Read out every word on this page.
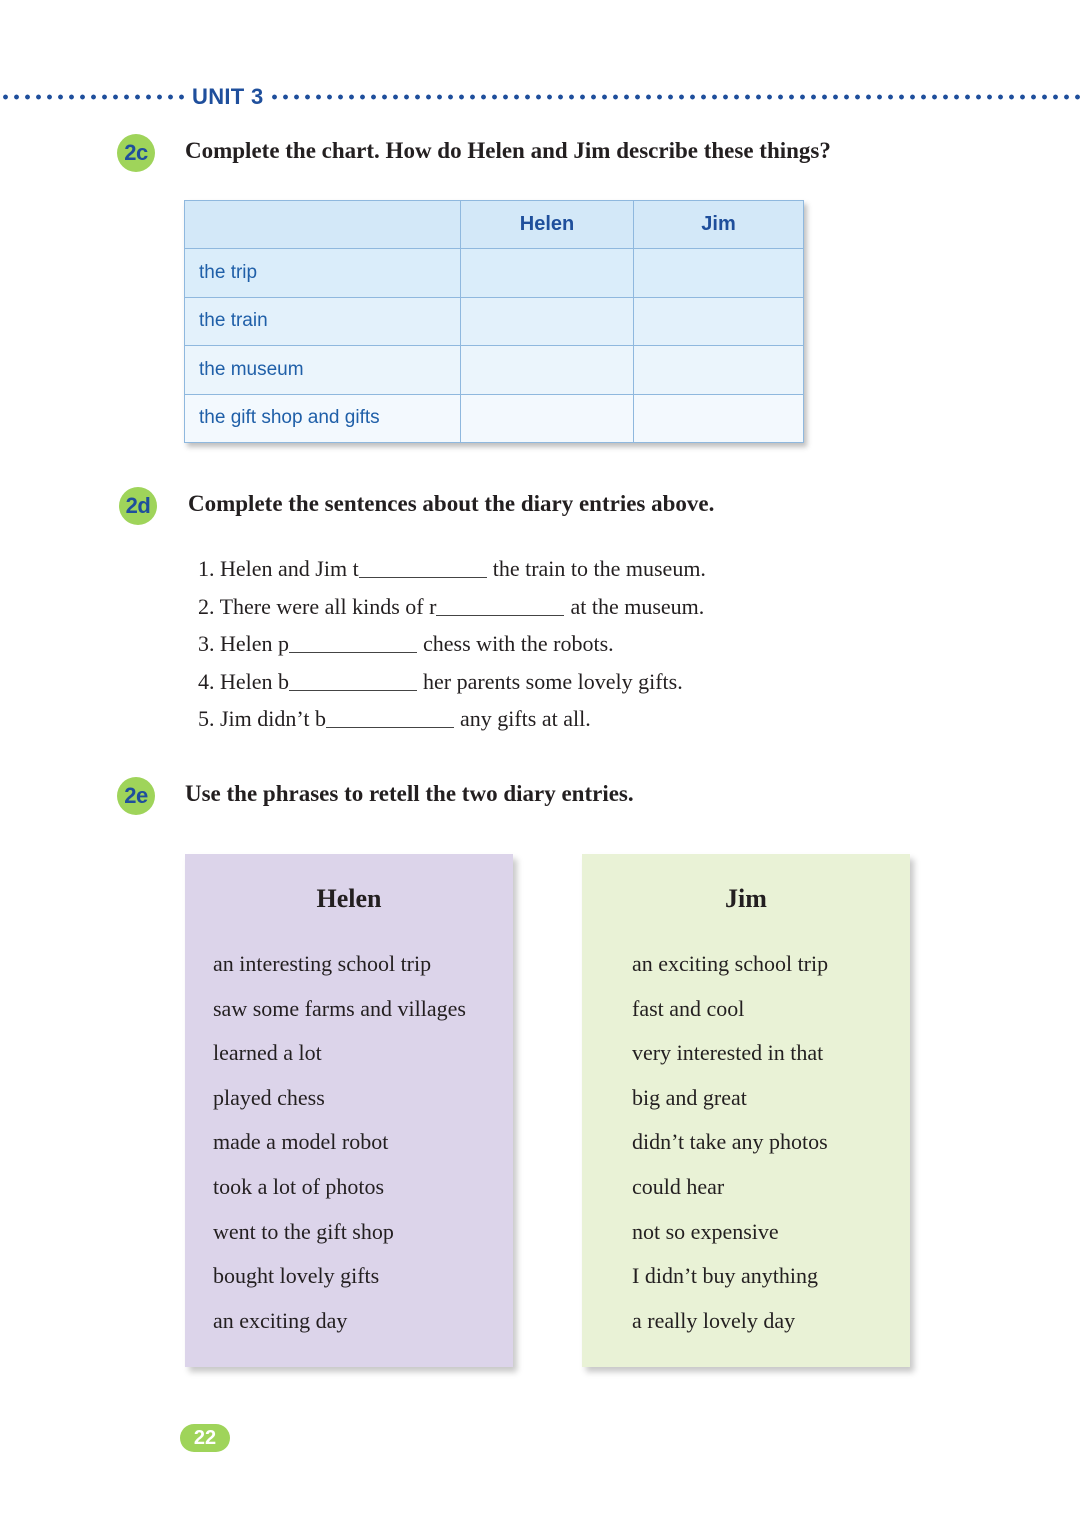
UNIT 3
2c	Complete the chart. How do Helen and Jim describe these things?
	Helen	Jim
the trip		
the train		
the museum		
the gift shop and gifts		
2d Complete the sentences about the diary entries above.
1. Helen and Jim t	the train to the museum.
2. There were all kinds of r	at the museum.
3. Helen p	chess with the robots.
4. Helen b	her parents some lovely gifts.
5. Jim didn’t b	any gifts at all.
2e	Use the phrases to retell the two diary entries.
Helen
an interesting school trip
saw some farms and villages
learned a lot
played chess
made a model robot
took a lot of photos
went to the gift shop
bought lovely gifts
an exciting day
Jim
an exciting school trip
fast and cool
very interested in that
big and great
didn’t take any photos
could hear
not so expensive
I didn’t buy anything
a really lovely day
22
